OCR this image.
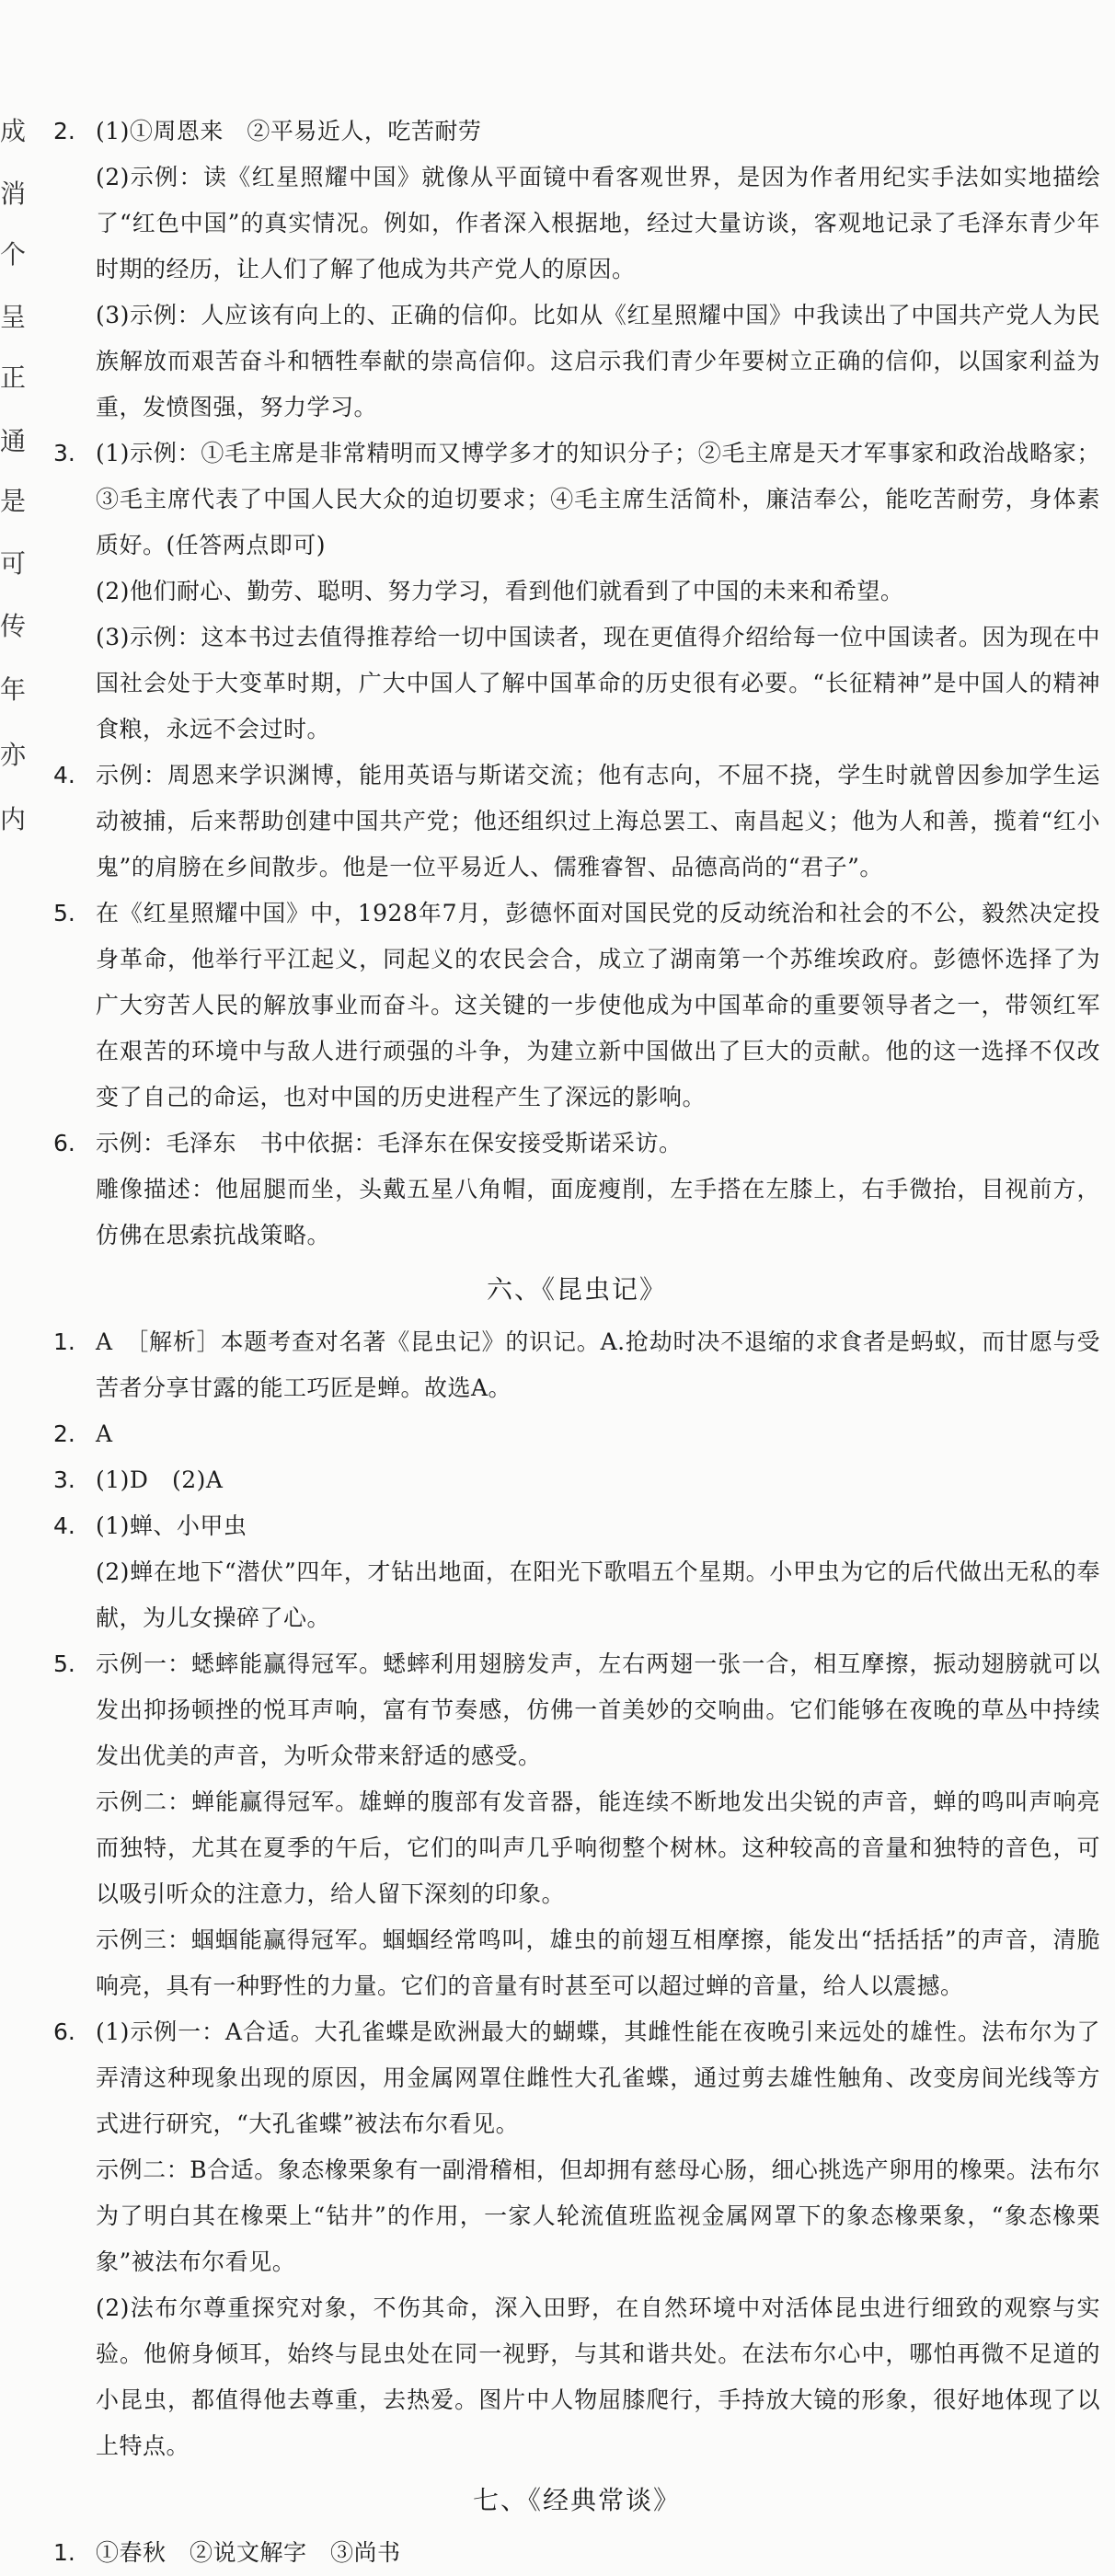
成
消
个
呈
正
通
是
可
传
年
亦
内
2. (1)①周恩来　②平易近人，吃苦耐劳

(2)示例：读《红星照耀中国》就像从平面镜中看客观世界，是因为作者用纪实手法如实地描绘了“红色中国”的真实情况。例如，作者深入根据地，经过大量访谈，客观地记录了毛泽东青少年时期的经历，让人们了解了他成为共产党人的原因。

(3)示例：人应该有向上的、正确的信仰。比如从《红星照耀中国》中我读出了中国共产党人为民族解放而艰苦奋斗和牺牲奉献的崇高信仰。这启示我们青少年要树立正确的信仰，以国家利益为重，发愤图强，努力学习。

3. (1)示例：①毛主席是非常精明而又博学多才的知识分子；②毛主席是天才军事家和政治战略家；③毛主席代表了中国人民大众的迫切要求；④毛主席生活简朴，廉洁奉公，能吃苦耐劳，身体素质好。(任答两点即可)

(2)他们耐心、勤劳、聪明、努力学习，看到他们就看到了中国的未来和希望。

(3)示例：这本书过去值得推荐给一切中国读者，现在更值得介绍给每一位中国读者。因为现在中国社会处于大变革时期，广大中国人了解中国革命的历史很有必要。“长征精神”是中国人的精神食粮，永远不会过时。

4. 示例：周恩来学识渊博，能用英语与斯诺交流；他有志向，不屈不挠，学生时就曾因参加学生运动被捕，后来帮助创建中国共产党；他还组织过上海总罢工、南昌起义；他为人和善，揽着“红小鬼”的肩膀在乡间散步。他是一位平易近人、儒雅睿智、品德高尚的“君子”。

5. 在《红星照耀中国》中，1928年7月，彭德怀面对国民党的反动统治和社会的不公，毅然决定投身革命，他举行平江起义，同起义的农民会合，成立了湖南第一个苏维埃政府。彭德怀选择了为广大穷苦人民的解放事业而奋斗。这关键的一步使他成为中国革命的重要领导者之一，带领红军在艰苦的环境中与敌人进行顽强的斗争，为建立新中国做出了巨大的贡献。他的这一选择不仅改变了自己的命运，也对中国的历史进程产生了深远的影响。

6. 示例：毛泽东　书中依据：毛泽东在保安接受斯诺采访。

雕像描述：他屈腿而坐，头戴五星八角帽，面庞瘦削，左手搭在左膝上，右手微抬，目视前方，仿佛在思索抗战策略。

六、《昆虫记》
1. A　［解析］本题考查对名著《昆虫记》的识记。A.抢劫时决不退缩的求食者是蚂蚁，而甘愿与受苦者分享甘露的能工巧匠是蝉。故选A。

2. A

3. (1)D　(2)A

4. (1)蝉、小甲虫

(2)蝉在地下“潜伏”四年，才钻出地面，在阳光下歌唱五个星期。小甲虫为它的后代做出无私的奉献，为儿女操碎了心。

5. 示例一：蟋蟀能赢得冠军。蟋蟀利用翅膀发声，左右两翅一张一合，相互摩擦，振动翅膀就可以发出抑扬顿挫的悦耳声响，富有节奏感，仿佛一首美妙的交响曲。它们能够在夜晚的草丛中持续发出优美的声音，为听众带来舒适的感受。

示例二：蝉能赢得冠军。雄蝉的腹部有发音器，能连续不断地发出尖锐的声音，蝉的鸣叫声响亮而独特，尤其在夏季的午后，它们的叫声几乎响彻整个树林。这种较高的音量和独特的音色，可以吸引听众的注意力，给人留下深刻的印象。

示例三：蝈蝈能赢得冠军。蝈蝈经常鸣叫，雄虫的前翅互相摩擦，能发出“括括括”的声音，清脆响亮，具有一种野性的力量。它们的音量有时甚至可以超过蝉的音量，给人以震撼。

6. (1)示例一：A合适。大孔雀蝶是欧洲最大的蝴蝶，其雌性能在夜晚引来远处的雄性。法布尔为了弄清这种现象出现的原因，用金属网罩住雌性大孔雀蝶，通过剪去雄性触角、改变房间光线等方式进行研究，“大孔雀蝶”被法布尔看见。

示例二：B合适。象态橡栗象有一副滑稽相，但却拥有慈母心肠，细心挑选产卵用的橡栗。法布尔为了明白其在橡栗上“钻井”的作用，一家人轮流值班监视金属网罩下的象态橡栗象，“象态橡栗象”被法布尔看见。

(2)法布尔尊重探究对象，不伤其命，深入田野，在自然环境中对活体昆虫进行细致的观察与实验。他俯身倾耳，始终与昆虫处在同一视野，与其和谐共处。在法布尔心中，哪怕再微不足道的小昆虫，都值得他去尊重，去热爱。图片中人物屈膝爬行，手持放大镜的形象，很好地体现了以上特点。

七、《经典常谈》
1. ①春秋　②说文解字　③尚书
